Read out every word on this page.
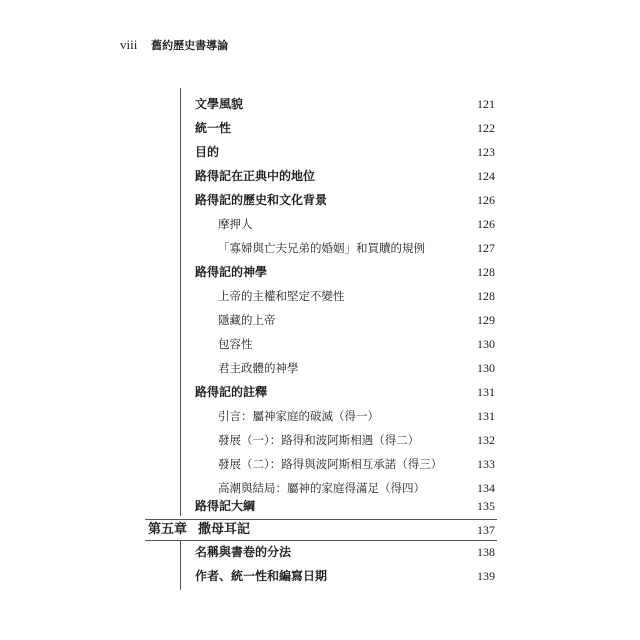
viii 舊約歷史書導論
文學風貌	121
統一性	122
目的	123
路得記在正典中的地位	124
路得記的歷史和文化背景	126
摩押人	126
「寡婦與亡夫兄弟的婚姻」和買贖的規例	127
路得記的神學	128
上帝的主權和堅定不變性	128
隱藏的上帝	129
包容性	130
君主政體的神學	130
路得記的註釋	131
引言：屬神家庭的破滅（得一）	131
發展（一）：路得和波阿斯相遇（得二）	132
發展（二）：路得與波阿斯相互承諾（得三）	133
高潮與結局：屬神的家庭得滿足（得四）	134
路得記大綱	135
第五章 撒母耳記	137
名稱與書卷的分法	138
作者、統一性和編寫日期	139
